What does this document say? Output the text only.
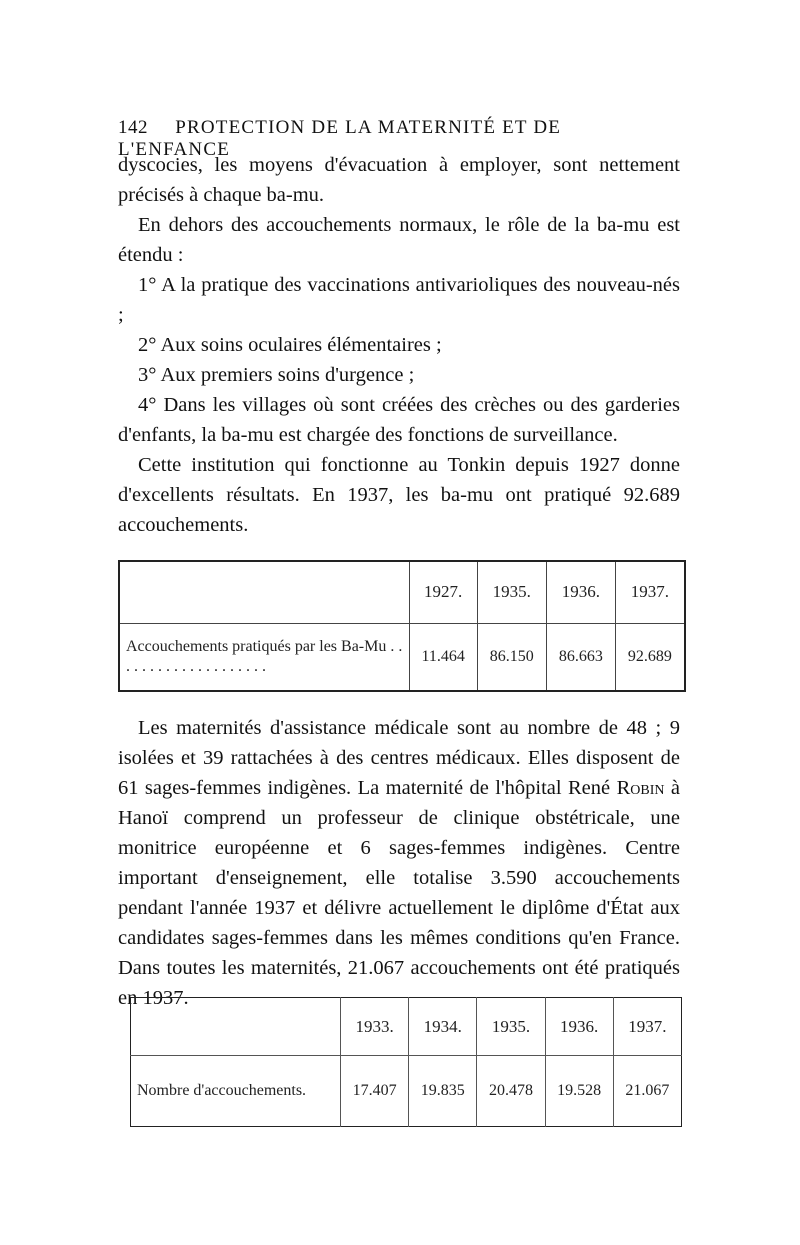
142 PROTECTION DE LA MATERNITÉ ET DE L'ENFANCE

dyscocies, les moyens d'évacuation à employer, sont nettement précisés à chaque ba-mu.

En dehors des accouchements normaux, le rôle de la ba-mu est étendu :

1° A la pratique des vaccinations antivarioliques des nouveau-nés ;

2° Aux soins oculaires élémentaires ;

3° Aux premiers soins d'urgence ;

4° Dans les villages où sont créées des crèches ou des garderies d'enfants, la ba-mu est chargée des fonctions de surveillance.

Cette institution qui fonctionne au Tonkin depuis 1927 donne d'excellents résultats. En 1937, les ba-mu ont pratiqué 92.689 accouchements.

	1927.	1935.	1936.	1937.
Accouchements pratiqués par les Ba-Mu . . . . . . . . . . . . . . . . . . . .	11.464	86.150	86.663	92.689

Les maternités d'assistance médicale sont au nombre de 48 ; 9 isolées et 39 rattachées à des centres médicaux. Elles disposent de 61 sages-femmes indigènes. La maternité de l'hôpital René Robin à Hanoï comprend un professeur de clinique obstétricale, une monitrice européenne et 6 sages-femmes indigènes. Centre important d'enseignement, elle totalise 3.590 accouchements pendant l'année 1937 et délivre actuellement le diplôme d'État aux candidates sages-femmes dans les mêmes conditions qu'en France. Dans toutes les maternités, 21.067 accouchements ont été pratiqués en 1937.

	1933.	1934.	1935.	1936.	1937.
Nombre d'accouchements.	17.407	19.835	20.478	19.528	21.067
